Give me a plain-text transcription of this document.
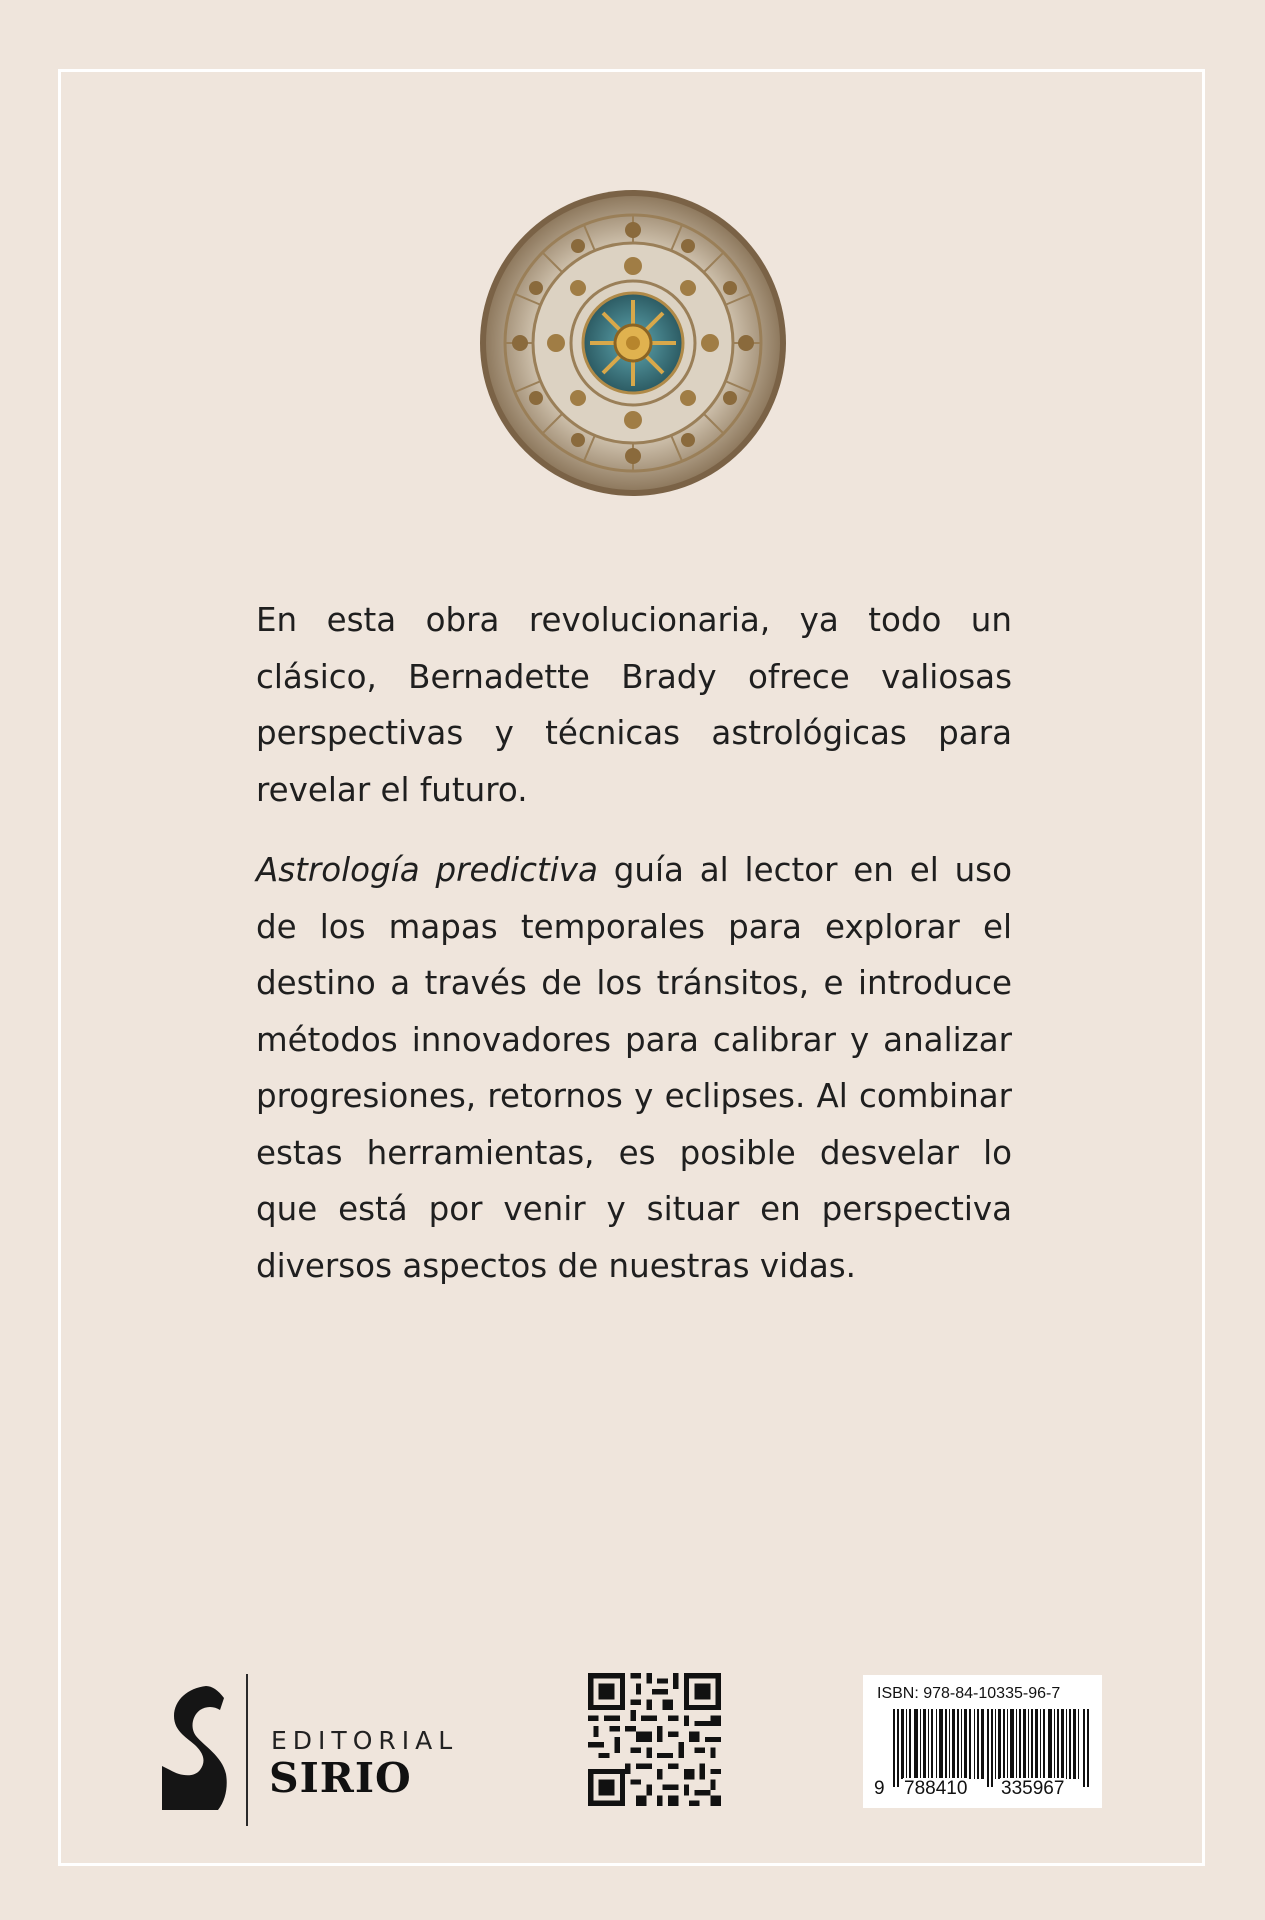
En esta obra revolucionaria, ya todo un clásico, Bernadette Brady ofrece valiosas perspectivas y técnicas astrológicas para revelar el futuro.

Astrología predictiva guía al lector en el uso de los mapas temporales para explorar el destino a través de los tránsitos, e introduce métodos innovadores para calibrar y analizar progresiones, retornos y eclipses. Al combinar estas herramientas, es posible desvelar lo que está por venir y situar en perspectiva diversos aspectos de nuestras vidas.

EDITORIAL
SIRIO
ISBN: 978-84-10335-96-7
9 788410 335967
